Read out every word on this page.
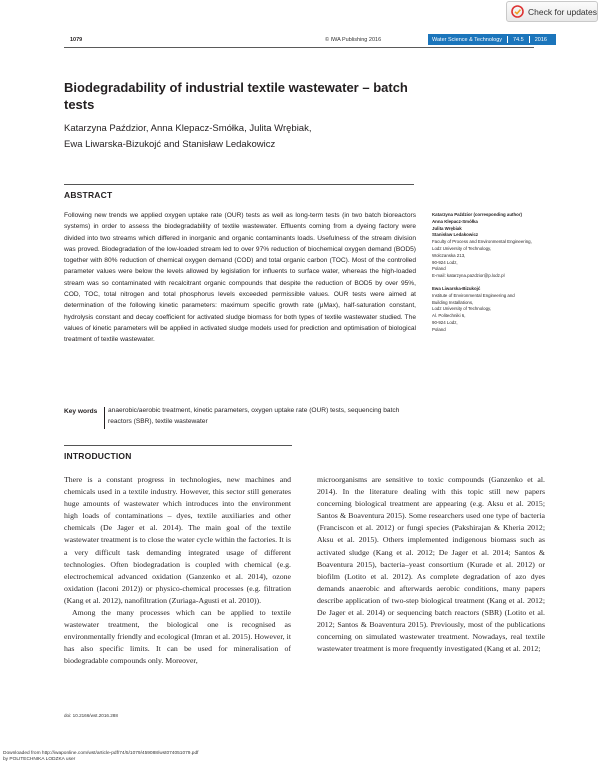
Check for updates
1079	© IWA Publishing 2016	Water Science & Technology 74.5 2016
Biodegradability of industrial textile wastewater – batch tests
Katarzyna Paździor, Anna Klepacz-Smółka, Julita Wrębiak,
Ewa Liwarska-Bizukojć and Stanisław Ledakowicz
ABSTRACT
Following new trends we applied oxygen uptake rate (OUR) tests as well as long-term tests (in two batch bioreactors systems) in order to assess the biodegradability of textile wastewater. Effluents coming from a dyeing factory were divided into two streams which differed in inorganic and organic contaminants loads. Usefulness of the stream division was proved. Biodegradation of the low-loaded stream led to over 97% reduction of biochemical oxygen demand (BOD5) together with 80% reduction of chemical oxygen demand (COD) and total organic carbon (TOC). Most of the controlled parameter values were below the levels allowed by legislation for influents to surface water, whereas the high-loaded stream was so contaminated with recalcitrant organic compounds that despite the reduction of BOD5 by over 95%, COD, TOC, total nitrogen and total phosphorus levels exceeded permissible values. OUR tests were aimed at determination of the following kinetic parameters: maximum specific growth rate (μMax), half-saturation constant, hydrolysis constant and decay coefficient for activated sludge biomass for both types of textile wastewater studied. The values of kinetic parameters will be applied in activated sludge models used for prediction and optimisation of biological treatment of textile wastewater.
Key words anaerobic/aerobic treatment, kinetic parameters, oxygen uptake rate (OUR) tests, sequencing batch reactors (SBR), textile wastewater
Katarzyna Paździor (corresponding author)
Anna Klepacz-Smółka
Julita Wrębiak
Stanisław Ledakowicz
Faculty of Process and Environmental Engineering,
Lodz University of Technology,
Wolczanska 213,
90-924 Lodz,
Poland
E-mail: katarzyna.pazdzior@p.lodz.pl
Ewa Liwarska-Bizukojć
Institute of Environmental Engineering and
Building Installations,
Lodz University of Technology,
Al. Politechniki 6,
90-924 Lodz,
Poland
INTRODUCTION

There is a constant progress in technologies, new machines and chemicals used in a textile industry. However, this sector still generates huge amounts of wastewater which introduces into the environment high loads of contaminations – dyes, textile auxiliaries and other chemicals (De Jager et al. 2014). The main goal of the textile wastewater treatment is to close the water cycle within the factories. It is a very difficult task demanding integrated usage of different technologies. Often biodegradation is coupled with chemical (e.g. electrochemical advanced oxidation (Ganzenko et al. 2014), ozone oxidation (Iaconi 2012)) or physico-chemical processes (e.g. filtration (Kang et al. 2012), nanofiltration (Zuriaga-Agusti et al. 2010)).

Among the many processes which can be applied to textile wastewater treatment, the biological one is recognised as environmentally friendly and ecological (Imran et al. 2015). However, it has also specific limits. It can be used for mineralisation of biodegradable compounds only. Moreover,

microorganisms are sensitive to toxic compounds (Ganzenko et al. 2014). In the literature dealing with this topic still new papers concerning biological treatment are appearing (e.g. Aksu et al. 2015; Santos & Boaventura 2015). Some researchers used one type of bacteria (Franciscon et al. 2012) or fungi species (Pakshirajan & Kheria 2012; Aksu et al. 2015). Others implemented indigenous biomass such as activated sludge (Kang et al. 2012; De Jager et al. 2014; Santos & Boaventura 2015), bacteria–yeast consortium (Kurade et al. 2012) or biofilm (Lotito et al. 2012). As complete degradation of azo dyes demands anaerobic and afterwards aerobic conditions, many papers describe application of two-step biological treatment (Kang et al. 2012; De Jager et al. 2014) or sequencing batch reactors (SBR) (Lotito et al. 2012; Santos & Boaventura 2015). Previously, most of the publications concerning on simulated wastewater treatment. Nowadays, real textile wastewater treatment is more frequently investigated (Kang et al. 2012;

doi: 10.2166/wst.2016.288
Downloaded from http://iwaponline.com/wst/article-pdf/74/5/1079/459088/wst074051079.pdf
by POLITECHNIKA LODZKA user
